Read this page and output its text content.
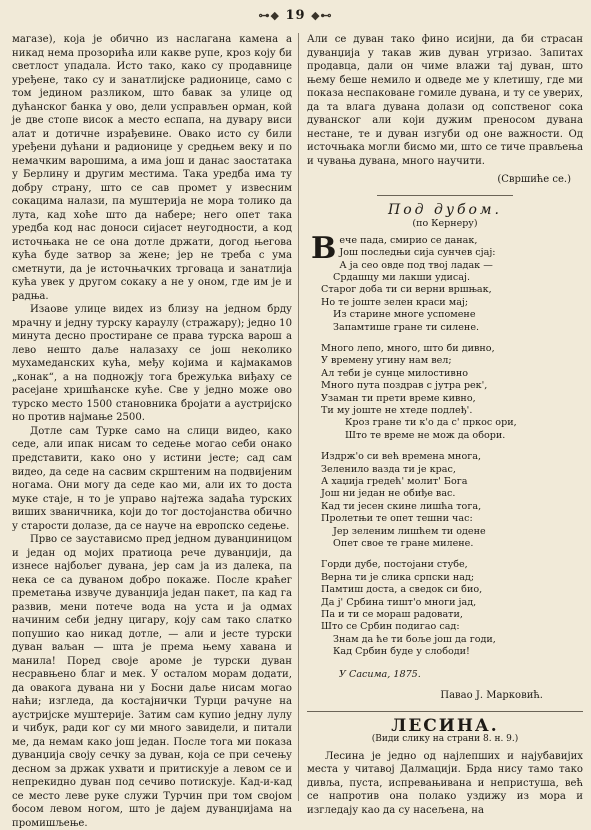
⊶◆ 19 ◆⊷

магазе), која је обично из наслагана камена а никад нема прозорића или какве рупе, кроз коју би светлост упадала. Исто тако, како су продавнице уређене, тако су и занатлијске радионице, само с том једином разликом, што бавак за улице од дућанског банка у ово, дели усправљен орман, кой је две стопе висок а место еспапа, на дувару виси алат и дотичне израђевине. Овако исто су били уређени дућани и радионице у средњем веку и по немачким варошима, а има још и данас заостатака у Берлину и другим местима. Така уредба има ту добру страну, што се сав промет у извесним сокацима налази, па муштерија не мора толико да лута, кад хоће што да набере; него опет така уредба код нас доноси сијасет неугодности, а код источњака не се она дотле држати, догод његова кућа буде затвор за жене; јер не треба с ума сметнути, да је источњачких трговаца и занатлија кућа увек у другом сокаку а не у оном, где им је и радња.

Изаове улице видех из близу на једном брду мрачну и једну турску караулу (стражару); једно 10 минута десно простиране се права турска варош а лево нешто даље налазаху се још неколико мухамеданских кућа, међу којима и кајмакамов „конак“, а на подножју тога брежуљка виђаху се расејане хришћанске куће. Све у једно може ово турско место 1500 становника бројати а аустријско но против најмање 2500.

Дотле сам Турке само на слици видео, како седе, али ипак нисам то седење могао себи онако представити, како оно у истини јесте; сад сам видео, да седе на сасвим скрштеним на подвијеним ногама. Они могу да седе као ми, али их то доста муке стаје, н то је управо најтежа задаћа турских виших званичника, који до тог достојанства обично у старости долазе, да се науче на европско седење.

Прво се заустависмо пред једном дуванџиницом и један од мојих пратиоца рече дуванџији, да изнесе најбољег дувана, јер сам ја из далека, па нека се са дуваном добро покаже. После краћег преметања извуче дуванџија један пакет, па кад га развив, мени потече вода на уста и ја одмах начиним себи једну цигару, коју сам тако слатко попушио као никад дотле, — али и јесте турски дуван ваљан — шта је према њему хавана и манила! Поред своје ароме је турски дуван несравњено благ и мек. У осталом морам додати, да овакога дувана ни у Босни даље нисам могао наћи; изгледа, да костајнички Турци рачуне на аустријске муштерије. Затим сам купио једну лулу и чибук, ради ког су ми много завидели, и питали ме, да немам како још један. После тога ми показа дуванџија своју сечку за дуван, која се при сечењу десном за држак ухвати и притискује а левом се и непрекидно дуван под сечиво потискује. Кад-и-кад се место леве руке служи Турчин при том својом босом левом ногом, што је дајем дуванџијама на промишљење.

Али се дуван тако фино исиjни, да би страсан дуванџија у такав жив дуван угризао. Запитах продавца, дали он чиме влажи тај дуван, што њему беше немило и одведе ме у клетишу, где ми показа неспаковане гомиле дувана, и ту се уверих, да та влага дувана долази од сопственог сока дуванског али који дужим преносом дувана нестане, те и дуван изгуби од оне важности. Од источњака могли бисмо ми, што се тиче прављења и чувања дувана, много научити.

(Свршиће се.)
Под дубом.
(по Кернеру)
В ече пада, смирио се данак,
Још последњи сија сунчев сјај:
А ја сео овде под твој ладак —
Срдашцу ми лакши удисај.
Старог доба ти си верни вршњак,
Но те јоште зелен краси мај;
Из старине многе успомене
Запамтише гране ти силене.
Много лепо, много, што би дивно,
У времену угину нам вел;
Ал теби је сунце милостивно
Много пута поздрав с јутра рек',
Узаман ти прети време кивно,
Ти му јоште не хтеде подлеђ'.
Кроз гране ти к'о да с' пркос ори,
Што те време не мож да обори.
Издрж'о си већ времена многа,
Зеленило вазда ти је крас,
А хаџија гредећ' молит' Бога
Још ни један не обиђе вас.
Кад ти јесен скине лишћа тога,
Пролетњи те опет тешни час:
Јер зеленим лишћем ти одене
Опет свое те гране милене.
Горди дубе, постојани стубе,
Верна ти је слика српски над;
Памтиш доста, а сведок си био,
Да ј' Србина тишт'о многи јад,
Па и ти се мораш радовати,
Што се Србин подигао сад:
Знам да ће ти боље још да годи,
Кад Србин буде у слободи!
У Сасима, 1875.
Павао Ј. Марковић.
ЛЕСИНА.
(Види слику на страни 8. н. 9.)

Лесина је једно од најлепших и најубавијих места у читавој Далмацији. Брда нису тамо тако дивља, пуста, испревањивана и непристуша, већ се напротив она полако уздижу из мора и изгледају као да су насељена, на
